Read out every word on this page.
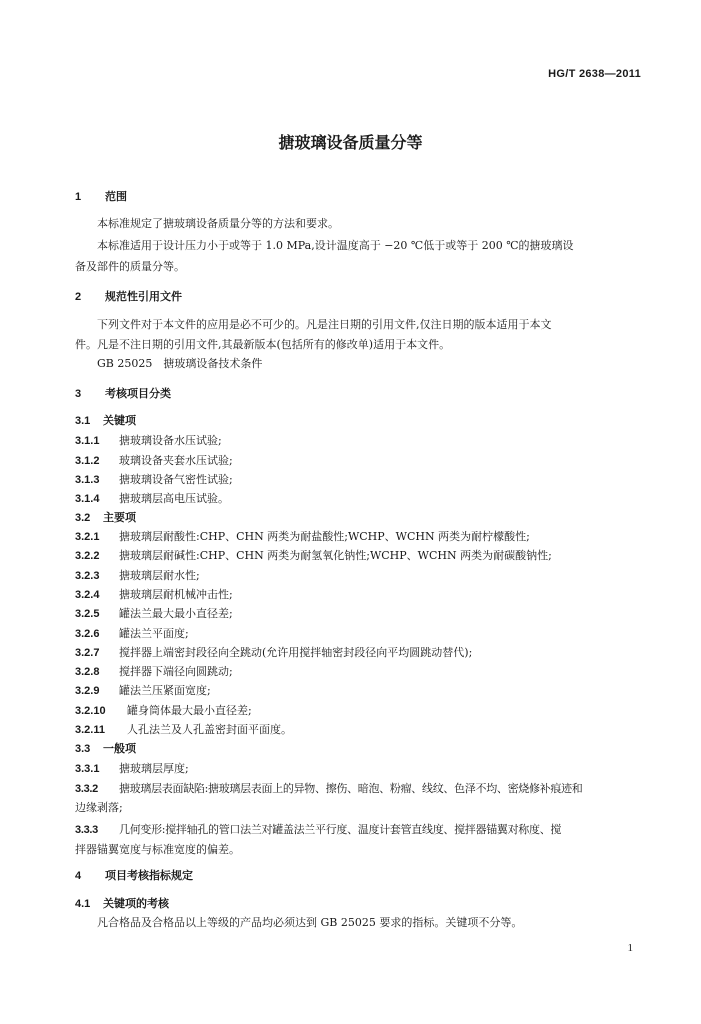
HG/T 2638—2011
搪玻璃设备质量分等
1 范围
本标准规定了搪玻璃设备质量分等的方法和要求。
本标准适用于设计压力小于或等于 1.0 MPa,设计温度高于 −20 ℃低于或等于 200 ℃的搪玻璃设
备及部件的质量分等。
2 规范性引用文件
下列文件对于本文件的应用是必不可少的。凡是注日期的引用文件,仅注日期的版本适用于本文
件。凡是不注日期的引用文件,其最新版本(包括所有的修改单)适用于本文件。
GB 25025　搪玻璃设备技术条件
3 考核项目分类
3.1 关键项
3.1.1 搪玻璃设备水压试验;
3.1.2 玻璃设备夹套水压试验;
3.1.3 搪玻璃设备气密性试验;
3.1.4 搪玻璃层高电压试验。
3.2 主要项
3.2.1 搪玻璃层耐酸性:CHP、CHN 两类为耐盐酸性;WCHP、WCHN 两类为耐柠檬酸性;
3.2.2 搪玻璃层耐碱性:CHP、CHN 两类为耐氢氧化钠性;WCHP、WCHN 两类为耐碳酸钠性;
3.2.3 搪玻璃层耐水性;
3.2.4 搪玻璃层耐机械冲击性;
3.2.5 罐法兰最大最小直径差;
3.2.6 罐法兰平面度;
3.2.7 搅拌器上端密封段径向全跳动(允许用搅拌轴密封段径向平均圆跳动替代);
3.2.8 搅拌器下端径向圆跳动;
3.2.9 罐法兰压紧面宽度;
3.2.10 罐身筒体最大最小直径差;
3.2.11 人孔法兰及人孔盖密封面平面度。
3.3 一般项
3.3.1 搪玻璃层厚度;
3.3.2 搪玻璃层表面缺陷:搪玻璃层表面上的异物、擦伤、暗泡、粉瘤、线纹、色泽不均、密烧修补痕迹和
边缘剥落;
3.3.3 几何变形:搅拌轴孔的管口法兰对罐盖法兰平行度、温度计套管直线度、搅拌器锚翼对称度、搅
拌器锚翼宽度与标准宽度的偏差。
4 项目考核指标规定
4.1 关键项的考核
凡合格品及合格品以上等级的产品均必须达到 GB 25025 要求的指标。关键项不分等。
1
